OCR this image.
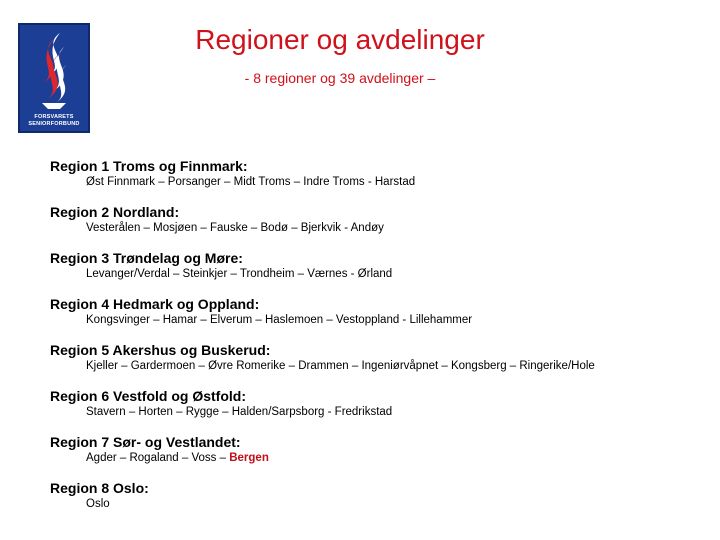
FORSVARETS
SENIORFORBUND
Regioner og avdelinger
- 8 regioner og 39 avdelinger –
Region 1 Troms og Finnmark:
Øst Finnmark – Porsanger – Midt Troms – Indre Troms - Harstad
Region 2 Nordland:
Vesterålen – Mosjøen – Fauske – Bodø – Bjerkvik - Andøy
Region 3 Trøndelag og Møre:
Levanger/Verdal – Steinkjer – Trondheim – Værnes - Ørland
Region 4 Hedmark og Oppland:
Kongsvinger – Hamar – Elverum – Haslemoen – Vestoppland - Lillehammer
Region 5 Akershus og Buskerud:
Kjeller – Gardermoen – Øvre Romerike – Drammen – Ingeniørvåpnet – Kongsberg – Ringerike/Hole
Region 6 Vestfold og Østfold:
Stavern – Horten – Rygge – Halden/Sarpsborg - Fredrikstad
Region 7 Sør- og Vestlandet:
Agder – Rogaland – Voss – Bergen
Region 8 Oslo:
Oslo
